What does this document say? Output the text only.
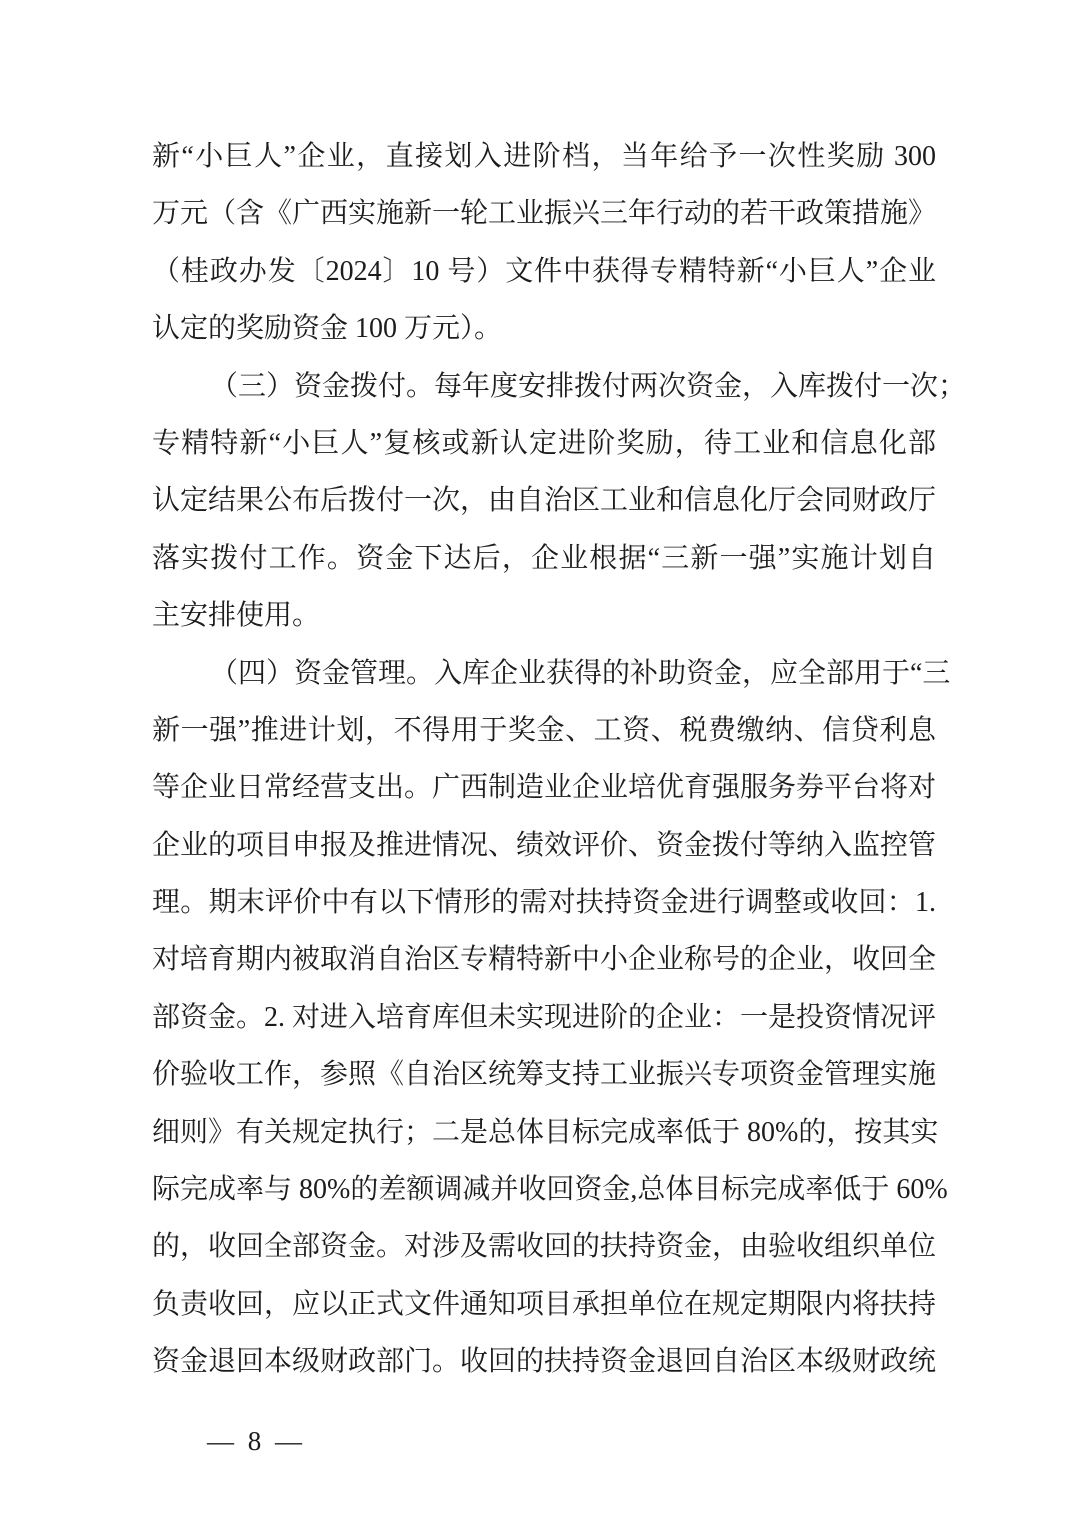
新“小巨人”企业，直接划入进阶档，当年给予一次性奖励 300
万元（含《广西实施新一轮工业振兴三年行动的若干政策措施》
（桂政办发〔2024〕10 号）文件中获得专精特新“小巨人”企业
认定的奖励资金 100 万元）。
（三）资金拨付。每年度安排拨付两次资金，入库拨付一次；
专精特新“小巨人”复核或新认定进阶奖励，待工业和信息化部
认定结果公布后拨付一次，由自治区工业和信息化厅会同财政厅
落实拨付工作。资金下达后，企业根据“三新一强”实施计划自
主安排使用。
（四）资金管理。入库企业获得的补助资金，应全部用于“三
新一强”推进计划，不得用于奖金、工资、税费缴纳、信贷利息
等企业日常经营支出。广西制造业企业培优育强服务券平台将对
企业的项目申报及推进情况、绩效评价、资金拨付等纳入监控管
理。期末评价中有以下情形的需对扶持资金进行调整或收回：1.
对培育期内被取消自治区专精特新中小企业称号的企业，收回全
部资金。2. 对进入培育库但未实现进阶的企业：一是投资情况评
价验收工作，参照《自治区统筹支持工业振兴专项资金管理实施
细则》有关规定执行；二是总体目标完成率低于 80%的，按其实
际完成率与 80%的差额调减并收回资金,总体目标完成率低于 60%
的，收回全部资金。对涉及需收回的扶持资金，由验收组织单位
负责收回，应以正式文件通知项目承担单位在规定期限内将扶持
资金退回本级财政部门。收回的扶持资金退回自治区本级财政统

— 8 —
